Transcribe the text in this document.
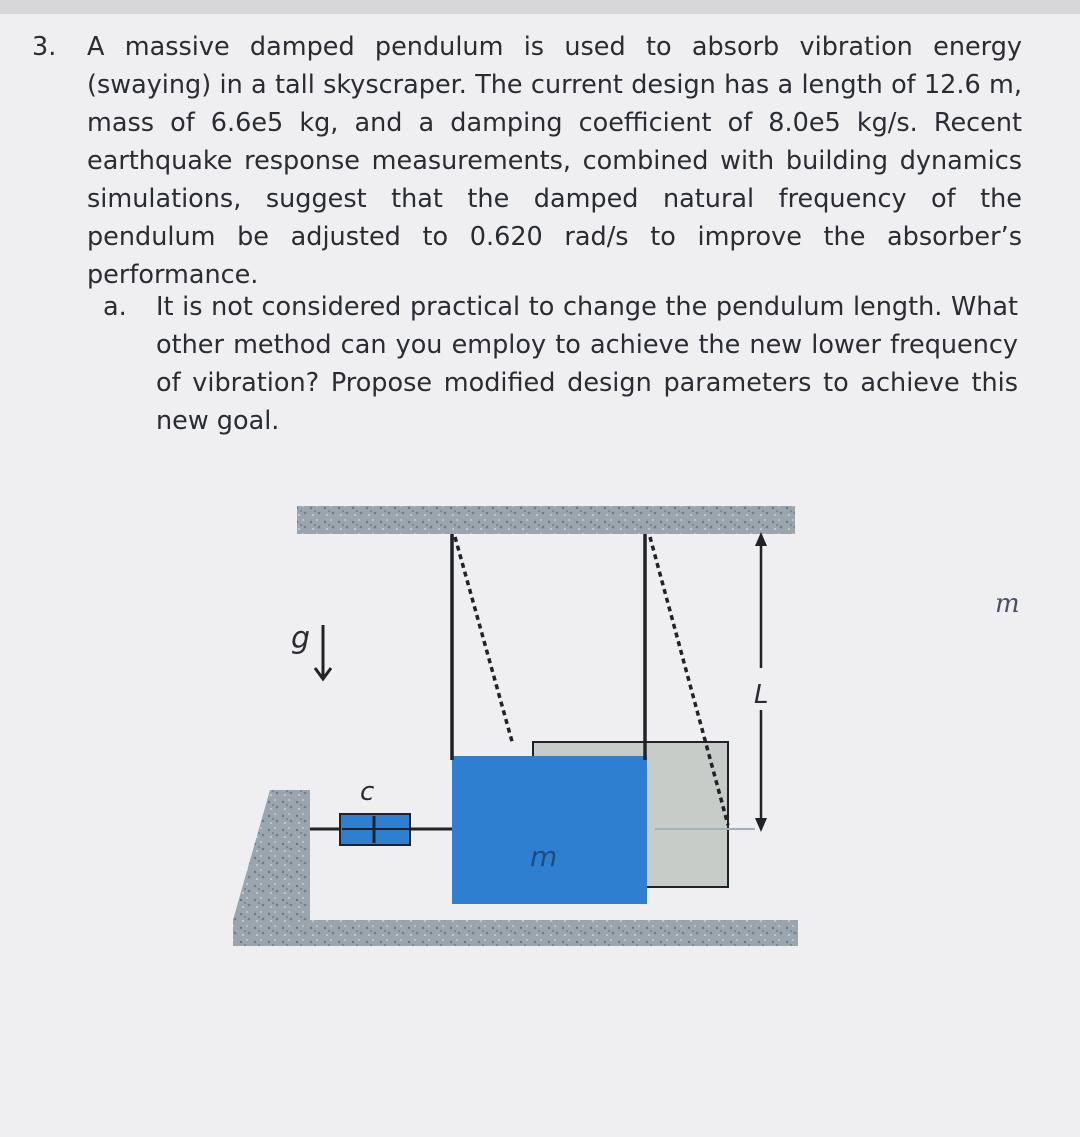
3.	A massive damped pendulum is used to absorb vibration energy (swaying) in a tall skyscraper. The current design has a length of 12.6 m, mass of 6.6e5 kg, and a damping coefficient of 8.0e5 kg/s. Recent earthquake response measurements, combined with building dynamics simulations, suggest that the damped natural frequency of the pendulum be adjusted to 0.620 rad/s to improve the absorber’s performance.
a. It is not considered practical to change the pendulum length. What other method can you employ to achieve the new lower frequency of vibration? Propose modified design parameters to achieve this new goal.
L
g
c
m
m
